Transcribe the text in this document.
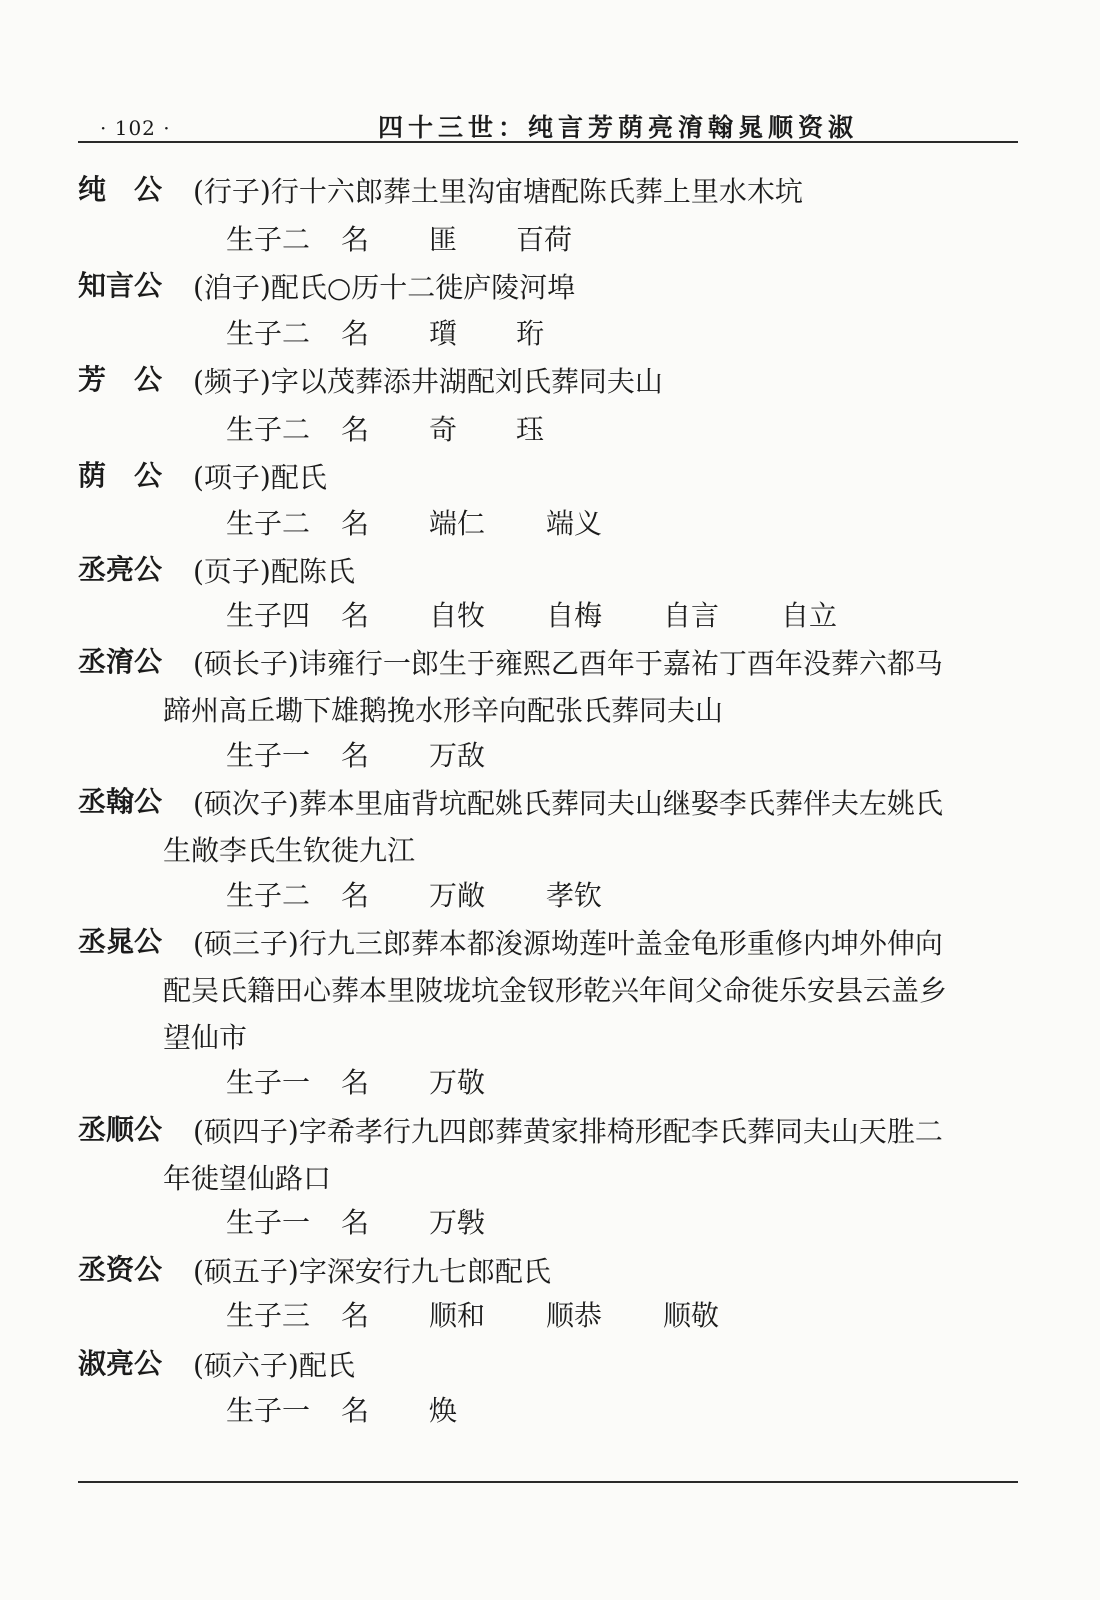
· 102 ·	四十三世：纯言芳荫亮淯翰晁顺资淑
纯公 (行子)行十六郎葬土里沟宙塘配陈氏葬上里水木坑
生子二 名 匪 百荷
知言公 (洎子)配氏○历十二徙庐陵河埠
生子二 名 瓆 珩
芳公 (频子)字以茂葬添井湖配刘氏葬同夫山
生子二 名 奇 珏
荫公 (项子)配氏
生子二 名 端仁 端义
丞亮公 (页子)配陈氏
生子四 名 自牧 自梅 自言 自立
丞淯公 (硕长子)讳雍行一郎生于雍熙乙酉年于嘉祐丁酉年没葬六都马
蹄州高丘墈下雄鹅挽水形辛向配张氏葬同夫山
生子一 名 万敌
丞翰公 (硕次子)葬本里庙背坑配姚氏葬同夫山继娶李氏葬伴夫左姚氏
生敞李氏生钦徙九江
生子二 名 万敞 孝钦
丞晁公 (硕三子)行九三郎葬本都浚源坳莲叶盖金龟形重修内坤外伸向
配吴氏籍田心葬本里陂垅坑金钗形乾兴年间父命徙乐安县云盖乡
望仙市
生子一 名 万敬
丞顺公 (硕四子)字希孝行九四郎葬黄家排椅形配李氏葬同夫山天胜二
年徙望仙路口
生子一 名 万斅
丞资公 (硕五子)字深安行九七郎配氏
生子三 名 顺和 顺恭 顺敬
淑亮公 (硕六子)配氏
生子一 名 焕
